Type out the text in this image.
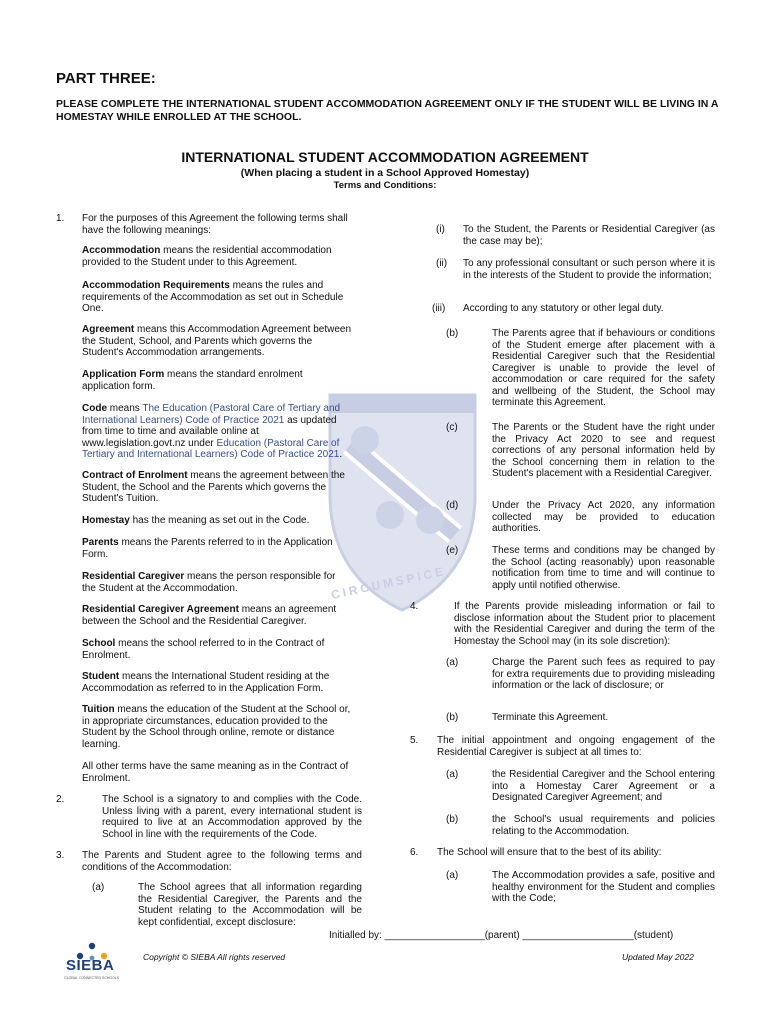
CIRCUMSPICE
PART THREE:
PLEASE COMPLETE THE INTERNATIONAL STUDENT ACCOMMODATION AGREEMENT ONLY IF THE STUDENT WILL BE LIVING IN A HOMESTAY WHILE ENROLLED AT THE SCHOOL.
INTERNATIONAL STUDENT ACCOMMODATION AGREEMENT
(When placing a student in a School Approved Homestay)
Terms and Conditions:
1. For the purposes of this Agreement the following terms shall have the following meanings:
Accommodation means the residential accommodation provided to the Student under to this Agreement.
Accommodation Requirements means the rules and requirements of the Accommodation as set out in Schedule One.
Agreement means this Accommodation Agreement between the Student, School, and Parents which governs the Student's Accommodation arrangements.
Application Form means the standard enrolment application form.
Code means The Education (Pastoral Care of Tertiary and International Learners) Code of Practice 2021 as updated from time to time and available online at www.legislation.govt.nz under Education (Pastoral Care of Tertiary and International Learners) Code of Practice 2021.
Contract of Enrolment means the agreement between the Student, the School and the Parents which governs the Student's Tuition.
Homestay has the meaning as set out in the Code.
Parents means the Parents referred to in the Application Form.
Residential Caregiver means the person responsible for the Student at the Accommodation.
Residential Caregiver Agreement means an agreement between the School and the Residential Caregiver.
School means the school referred to in the Contract of Enrolment.
Student means the International Student residing at the Accommodation as referred to in the Application Form.
Tuition means the education of the Student at the School or, in appropriate circumstances, education provided to the Student by the School through online, remote or distance learning.
All other terms have the same meaning as in the Contract of Enrolment.
2.	The School is a signatory to and complies with the Code. Unless living with a parent, every international student is required to live at an Accommodation approved by the School in line with the requirements of the Code.
3. The Parents and Student agree to the following terms and conditions of the Accommodation:
(a)	The School agrees that all information regarding the Residential Caregiver, the Parents and the Student relating to the Accommodation will be kept confidential, except disclosure:
(i) To the Student, the Parents or Residential Caregiver (as the case may be);
(ii) To any professional consultant or such person where it is in the interests of the Student to provide the information;
(iii) According to any statutory or other legal duty.
(b)	The Parents agree that if behaviours or conditions of the Student emerge after placement with a Residential Caregiver such that the Residential Caregiver is unable to provide the level of accommodation or care required for the safety and wellbeing of the Student, the School may terminate this Agreement.
(c)	The Parents or the Student have the right under the Privacy Act 2020 to see and request corrections of any personal information held by the School concerning them in relation to the Student's placement with a Residential Caregiver.
(d)	Under the Privacy Act 2020, any information collected may be provided to education authorities.
(e)	These terms and conditions may be changed by the School (acting reasonably) upon reasonable notification from time to time and will continue to apply until notified otherwise.
4.	If the Parents provide misleading information or fail to disclose information about the Student prior to placement with the Residential Caregiver and during the term of the Homestay the School may (in its sole discretion):
(a)	Charge the Parent such fees as required to pay for extra requirements due to providing misleading information or the lack of disclosure; or
(b)	Terminate this Agreement.
5. The initial appointment and ongoing engagement of the Residential Caregiver is subject at all times to:
(a)	the Residential Caregiver and the School entering into a Homestay Carer Agreement or a Designated Caregiver Agreement; and
(b)	the School's usual requirements and policies relating to the Accommodation.
6. The School will ensure that to the best of its ability:
(a)	The Accommodation provides a safe, positive and healthy environment for the Student and complies with the Code;
Initialled by: __________________(parent) ____________________(student)
SIEBA
GLOBAL CONNECTED SCHOOLS
Copyright © SIEBA All rights reserved	Updated May 2022
